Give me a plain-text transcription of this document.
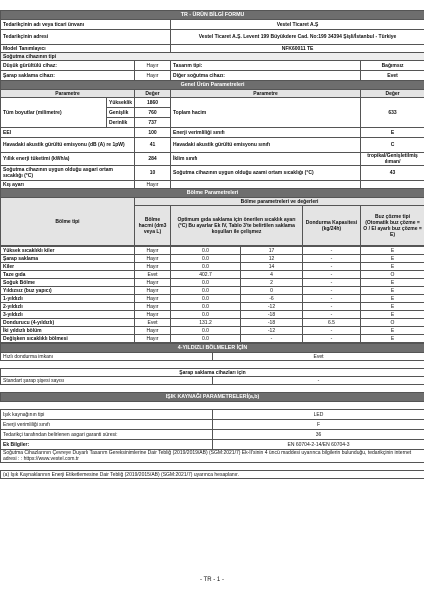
TR - ÜRÜN BİLGİ FORMU					
Tedarikçinin adı veya ticari ünvanı			Vestel Ticaret A.Ş		
Tedarikçinin adresi			Vestel Ticaret A.Ş. Levent 199 Büyükdere Cad. No:199 34394 Şişli/İstanbul - Türkiye		
Model Tanımlayıcı			NFK60011 TE		
Soğutma cihazının tipi					
Düşük gürültülü cihaz:		Hayır	Tasarım tipi:		Bağımsız
Şarap saklama cihazı:		Hayır	Diğer soğutma cihazı:		Evet
Genel Ürün Parametreleri					
Parametre		Değer	Parametre		Değer
Tüm boyutlar (milimetre)	Yükseklik	1860	Toplam hacim		633
	Genişlik	760			
	Derinlik	737			
EEI		100	Enerji verimliliği sınıfı		E
Havadaki akustik gürültü emisyonu (dB (A) re 1pW)		41	Havadaki akustik gürültü emisyonu sınıfı		C
Yıllık enerji tüketimi (kWh/a)		284	İklim sınıfı		tropikal/Genişletilmiş ılıman/
Soğutma cihazının uygun olduğu asgari ortam sıcaklığı (°C)		10	Soğutma cihazının uygun olduğu azami ortam sıcaklığı (°C)		43
Kış ayarı		Hayır			
Bölme Parametreleri					
Bölme tipi		Bölme parametreleri ve değerleri			
		Bölme hacmi (dm3 veya L)	Optimum gıda saklama için önerilen sıcaklık ayarı (°C) Bu ayarlar Ek IV, Tablo 3'te belirtilen saklama koşulları ile çelişmez	Dondurma Kapasitesi (kg/24h)	Buz çözme tipi (Otomatik buz çözme = O / El ayarlı buz çözme = E)
Yüksek sıcaklıklı kiler	Hayır	0.0	17	-	E
Şarap saklama	Hayır	0.0	12	-	E
Kiler	Hayır	0.0	14	-	E
Taze gıda	Evet	402.7	4	-	O
Soğuk Bölme	Hayır	0.0	2	-	E
Yıldızsız (buz yapıcı)	Hayır	0.0	0	-	E
1-yıldızlı	Hayır	0.0	-6	-	E
2-yıldızlı	Hayır	0.0	-12	-	E
3-yıldızlı	Hayır	0.0	-18	-	E
Dondurucu (4-yıldızlı)	Evet	131.2	-18	6.5	O
İki yıldızlı bölüm	Hayır	0.0	-12	-	E
Değişken sıcaklıklı bölmesi	Hayır	0.0	-	-	E
4-YILDIZLI BÖLMELER İÇİN	
Hızlı dondurma imkanı	Evet

Şarap saklama cihazları için	
Standart şarap şişesi sayısı	-

IŞIK KAYNAĞI PARAMETRELERİ(a,b)	

Işık kaynağının tipi	LED
Enerji verimliliği sınıfı	F
Tedarikçi tarafından belirlenen asgari garanti süresi:	36
Ek Bilgiler:	EN 60704-2-14/EN 60704-3
Soğutma Cihazlarının Çevreye Duyarlı Tasarım Gereksinimlerine Dair Tebliğ (2019/2019/AB) (SGM:2021/7) Ek-II'sinin 4 üncü maddesi uyarınca bilgilerin bulunduğu, tedarikçinin internet adresi : : https://www.vestel.com.tr	

(a) Işık Kaynaklarının Enerji Etiketlemesine Dair Tebliğ (2019/2015/AB) (SGM:2021/7) uyarınca hesaplanır.	
- TR - 1 -
